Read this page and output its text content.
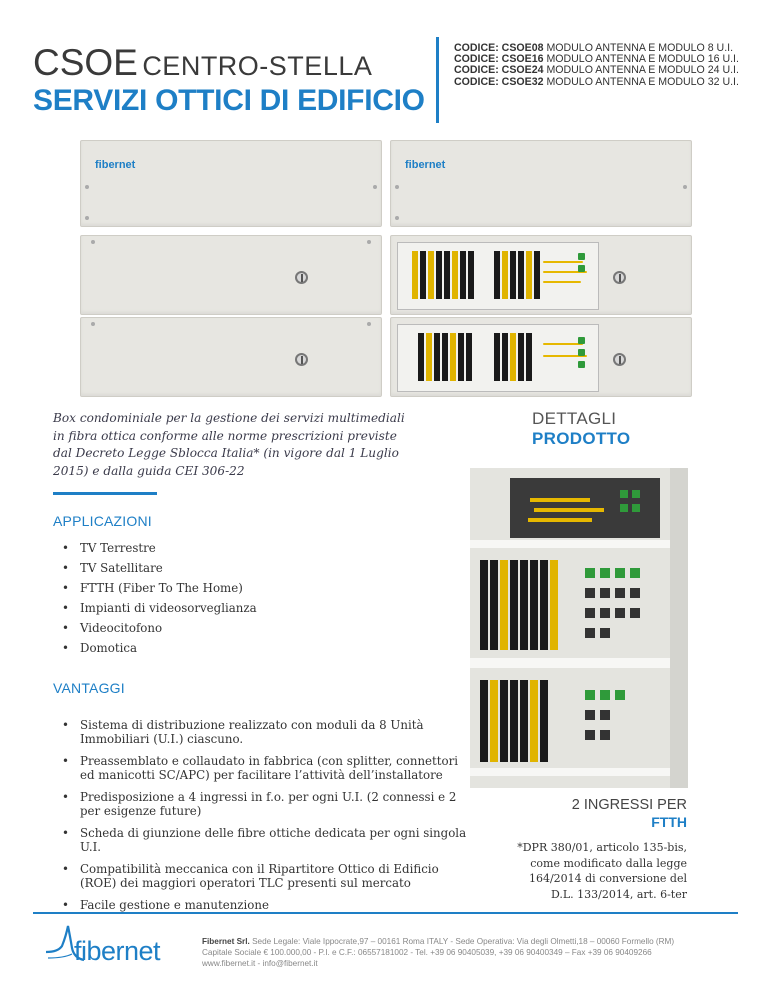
CSOE CENTRO-STELLA
SERVIZI OTTICI DI EDIFICIO
CODICE: CSOE08 MODULO ANTENNA E MODULO 8 U.I.
CODICE: CSOE16 MODULO ANTENNA E MODULO 16 U.I.
CODICE: CSOE24 MODULO ANTENNA E MODULO 24 U.I.
CODICE: CSOE32 MODULO ANTENNA E MODULO 32 U.I.
fibernet	fibernet
Box condominiale per la gestione dei servizi multimediali in fibra ottica conforme alle norme prescrizioni previste dal Decreto Legge Sblocca Italia* (in vigore dal 1 Luglio 2015) e dalla guida CEI 306-22
DETTAGLI
PRODOTTO
APPLICAZIONI
• TV Terrestre
• TV Satellitare
• FTTH (Fiber To The Home)
• Impianti di videosorveglianza
• Videocitofono
• Domotica
VANTAGGI
• Sistema di distribuzione realizzato con moduli da 8 Unità Immobiliari (U.I.) ciascuno.
• Preassemblato e collaudato in fabbrica (con splitter, connettori ed manicotti SC/APC) per facilitare l’attività dell’installatore
• Predisposizione a 4 ingressi in f.o. per ogni U.I. (2 connessi e 2 per esigenze future)
• Scheda di giunzione delle fibre ottiche dedicata per ogni singola U.I.
• Compatibilità meccanica con il Ripartitore Ottico di Edificio (ROE) dei maggiori operatori TLC presenti sul mercato
• Facile gestione e manutenzione
2 INGRESSI PER
FTTH
*DPR 380/01, articolo 135-bis, come modificato dalla legge 164/2014 di conversione del D.L. 133/2014, art. 6-ter
fibernet	Fibernet Srl. Sede Legale: Viale Ippocrate,97 – 00161 Roma ITALY - Sede Operativa: Via degli Olmetti,18 – 00060 Formello (RM)
Capitale Sociale € 100.000,00 - P.I. e C.F.: 06557181002 - Tel. +39 06 90405039, +39 06 90400349 – Fax +39 06 90409266
www.fibernet.it - info@fibernet.it
